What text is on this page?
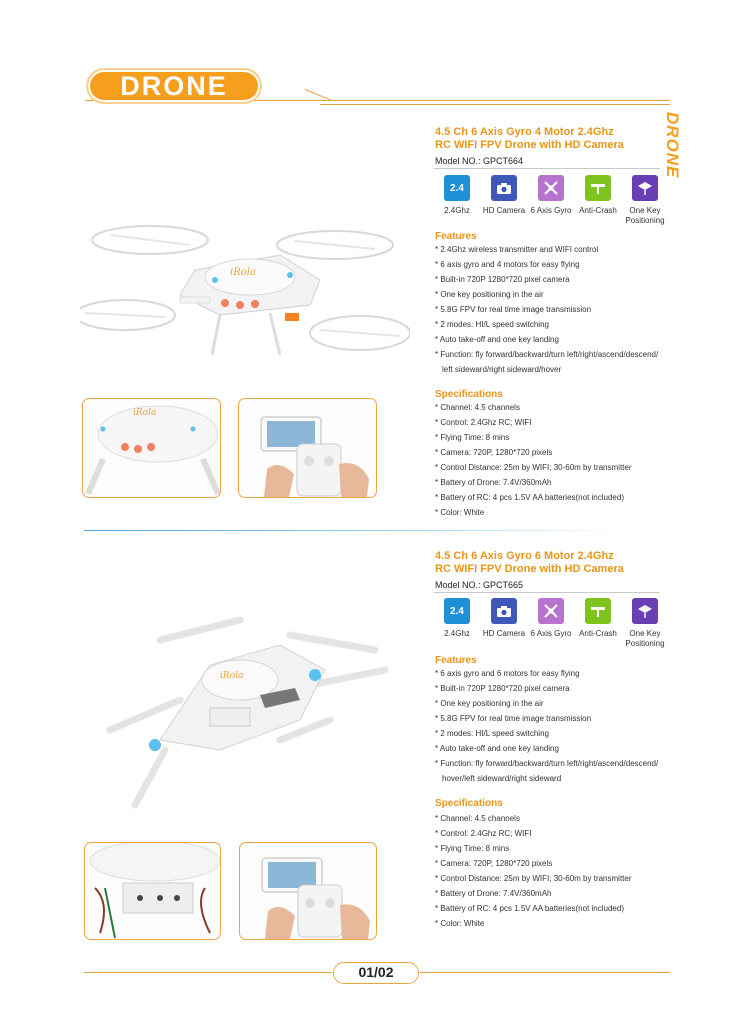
DRONE
DRONE
4.5 Ch 6 Axis Gyro 4 Motor 2.4Ghz
RC WIFI FPV Drone with HD Camera
Model NO.: GPCT664
2.4
2.4Ghz HD Camera 6 Axis Gyro Anti-Crash	One Key Positioning
Features
* 2.4Ghz wireless transmitter and WIFI control
* 6 axis gyro and 4 motors for easy flying
* Built-in 720P 1280*720 pixel camera
* One key positioning in the air
* 5.8G FPV for real time image transmission
* 2 modes: HI/L speed switching
* Auto take-off and one key landing
* Function: fly forward/backward/turn left/right/ascend/descend/
left sideward/right sideward/hover
Specifications
* Channel: 4.5 channels
* Control: 2.4Ghz RC; WIFI
* Flying Time: 8 mins
* Camera: 720P, 1280*720 pixels
* Control Distance: 25m by WIFI; 30-60m by transmitter
* Battery of Drone: 7.4V/360mAh
* Battery of RC: 4 pcs 1.5V AA batteries(not included)
* Color: White
iRola
iRola
4.5 Ch 6 Axis Gyro 6 Motor 2.4Ghz
RC WIFI FPV Drone with HD Camera
Model NO.: GPCT665
2.4
2.4Ghz HD Camera 6 Axis Gyro Anti-Crash	One Key Positioning
Features
* 6 axis gyro and 6 motors for easy flying
* Built-in 720P 1280*720 pixel camera
* One key positioning in the air
* 5.8G FPV for real time image transmission
* 2 modes: HI/L speed switching
* Auto take-off and one key landing
* Function: fly forward/backward/turn left/right/ascend/descend/
hover/left sideward/right sideward
Specifications
* Channel: 4.5 channels
* Control: 2.4Ghz RC; WIFI
* Flying Time: 8 mins
* Camera: 720P, 1280*720 pixels
* Control Distance: 25m by WIFI; 30-60m by transmitter
* Battery of Drone: 7.4V/360mAh
* Battery of RC: 4 pcs 1.5V AA batteries(not included)
* Color: White
iRola
01/02
